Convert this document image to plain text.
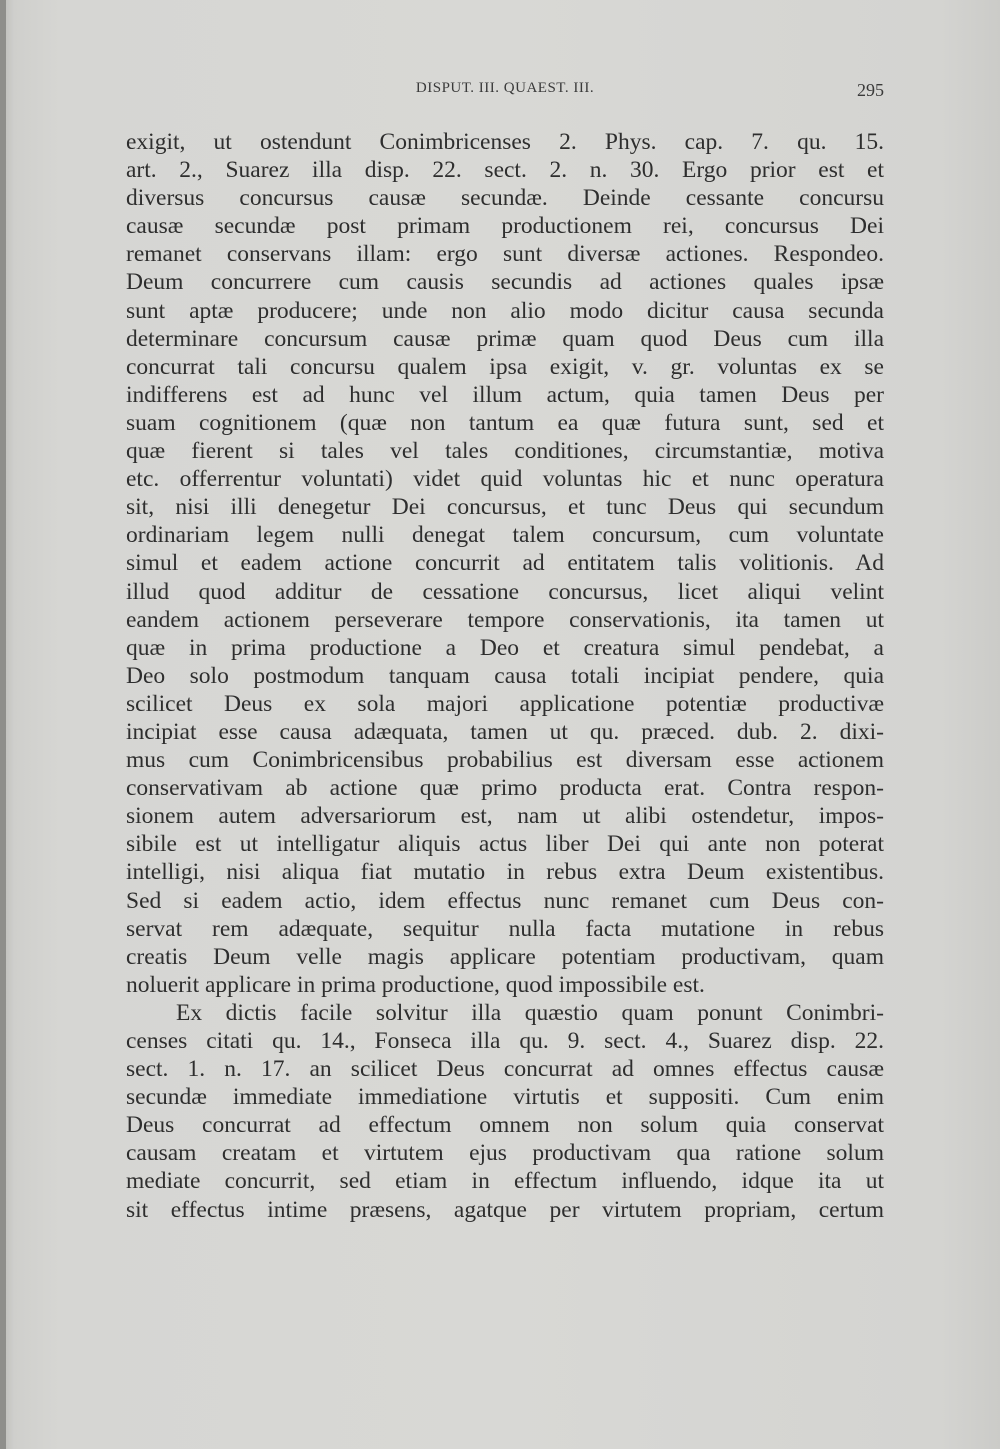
DISPUT. III. QUAEST. III.	295
exigit, ut ostendunt Conimbricenses 2. Phys. cap. 7. qu. 15.
art. 2., Suarez illa disp. 22. sect. 2. n. 30. Ergo prior est et
diversus concursus causæ secundæ. Deinde cessante concursu
causæ secundæ post primam productionem rei, concursus Dei
remanet conservans illam: ergo sunt diversæ actiones. Respondeo.
Deum concurrere cum causis secundis ad actiones quales ipsæ
sunt aptæ producere; unde non alio modo dicitur causa secunda
determinare concursum causæ primæ quam quod Deus cum illa
concurrat tali concursu qualem ipsa exigit, v. gr. voluntas ex se
indifferens est ad hunc vel illum actum, quia tamen Deus per
suam cognitionem (quæ non tantum ea quæ futura sunt, sed et
quæ fierent si tales vel tales conditiones, circumstantiæ, motiva
etc. offerrentur voluntati) videt quid voluntas hic et nunc operatura
sit, nisi illi denegetur Dei concursus, et tunc Deus qui secundum
ordinariam legem nulli denegat talem concursum, cum voluntate
simul et eadem actione concurrit ad entitatem talis volitionis. Ad
illud quod additur de cessatione concursus, licet aliqui velint
eandem actionem perseverare tempore conservationis, ita tamen ut
quæ in prima productione a Deo et creatura simul pendebat, a
Deo solo postmodum tanquam causa totali incipiat pendere, quia
scilicet Deus ex sola majori applicatione potentiæ productivæ
incipiat esse causa adæquata, tamen ut qu. præced. dub. 2. dixi-
mus cum Conimbricensibus probabilius est diversam esse actionem
conservativam ab actione quæ primo producta erat. Contra respon-
sionem autem adversariorum est, nam ut alibi ostendetur, impos-
sibile est ut intelligatur aliquis actus liber Dei qui ante non poterat
intelligi, nisi aliqua fiat mutatio in rebus extra Deum existentibus.
Sed si eadem actio, idem effectus nunc remanet cum Deus con-
servat rem adæquate, sequitur nulla facta mutatione in rebus
creatis Deum velle magis applicare potentiam productivam, quam
noluerit applicare in prima productione, quod impossibile est.
Ex dictis facile solvitur illa quæstio quam ponunt Conimbri-
censes citati qu. 14., Fonseca illa qu. 9. sect. 4., Suarez disp. 22.
sect. 1. n. 17. an scilicet Deus concurrat ad omnes effectus causæ
secundæ immediate immediatione virtutis et suppositi. Cum enim
Deus concurrat ad effectum omnem non solum quia conservat
causam creatam et virtutem ejus productivam qua ratione solum
mediate concurrit, sed etiam in effectum influendo, idque ita ut
sit effectus intime præsens, agatque per virtutem propriam, certum
